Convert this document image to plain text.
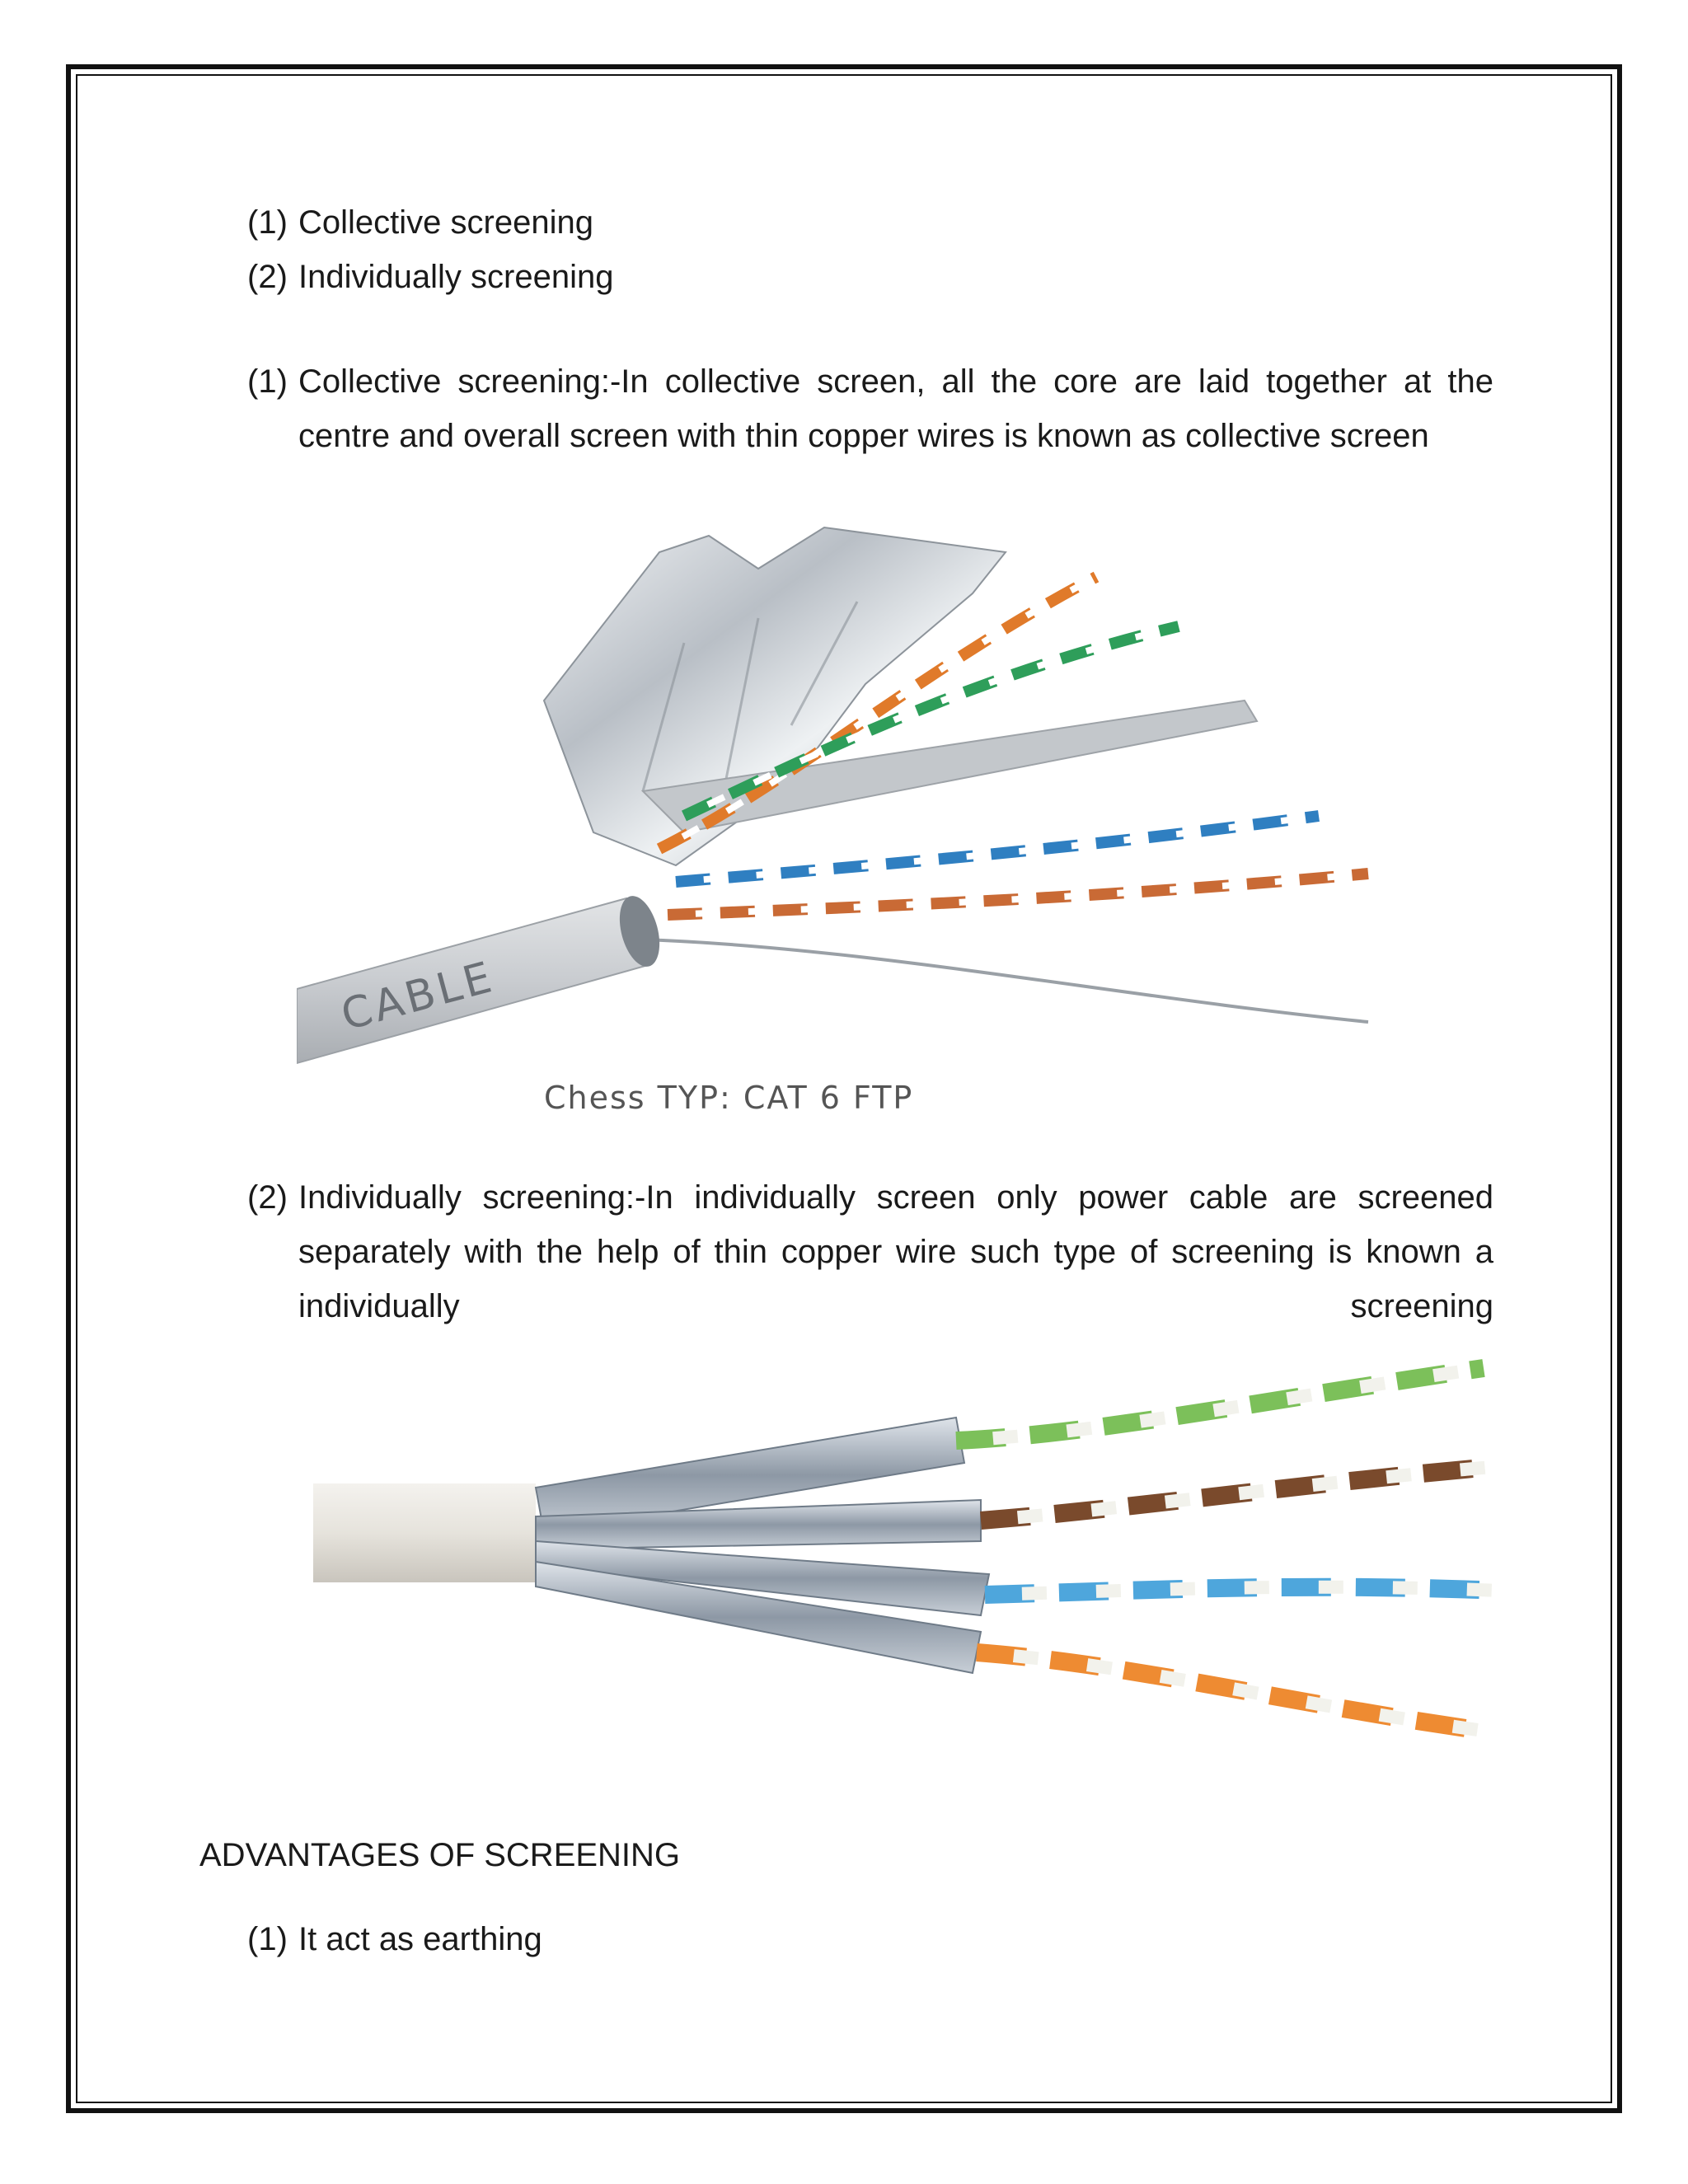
(1) Collective screening
(2) Individually screening
(1) Collective screening:-In collective screen, all the core are laid together at the centre and overall screen with thin copper wires is known as collective screen
CABLE
Chess TYP: CAT 6 FTP
(2) Individually screening:-In individually screen only power cable are screened separately with the help of thin copper wire such type of screening is known a individually screening
ADVANTAGES OF SCREENING
(1) It act as earthing
